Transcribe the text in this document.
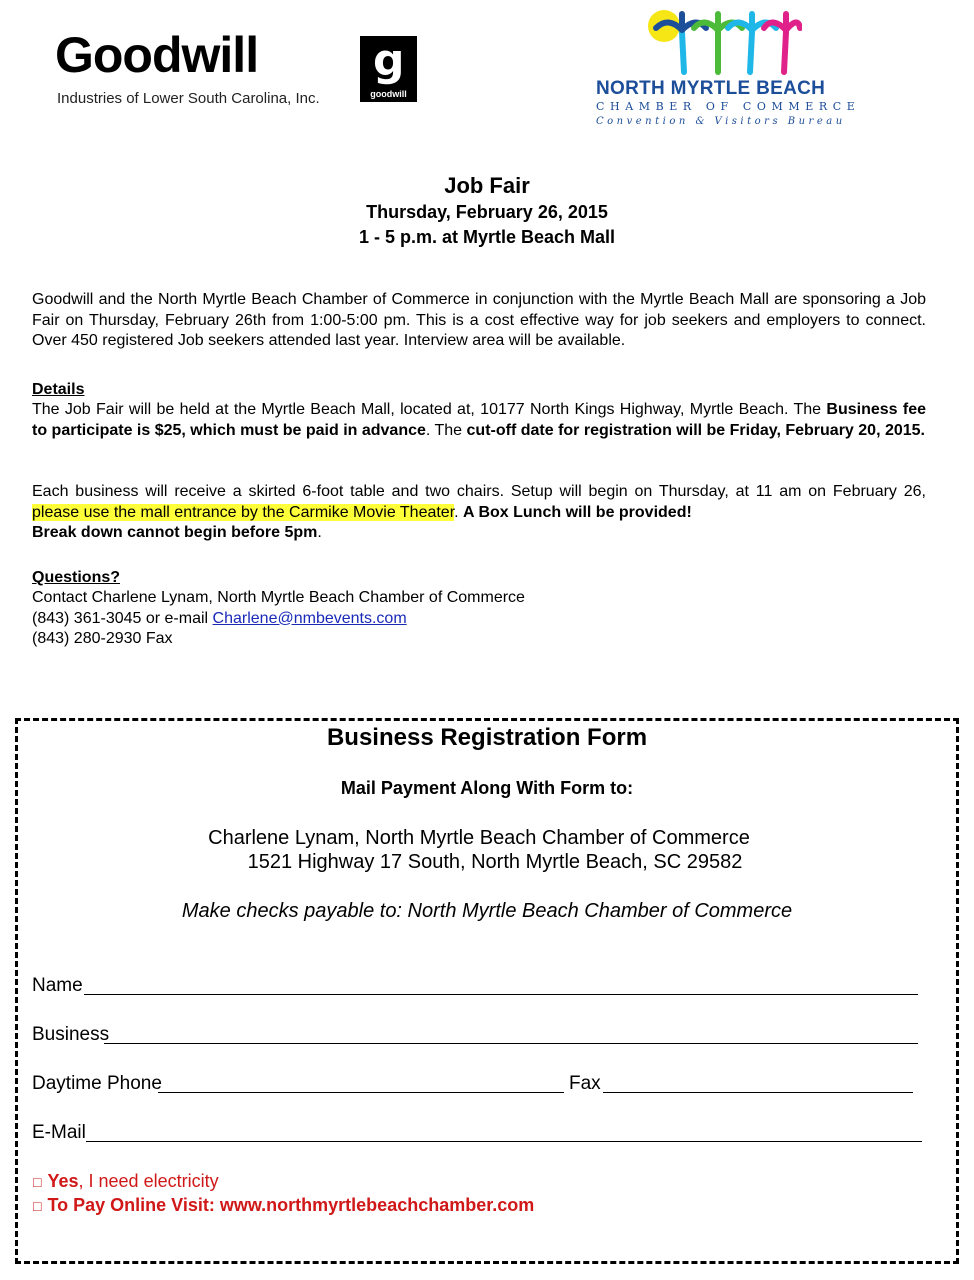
Goodwill
Industries of Lower South Carolina, Inc.
g
goodwill	NORTH MYRTLE BEACH
CHAMBER OF COMMERCE
Convention & Visitors Bureau
Job Fair
Thursday, February 26, 2015
1 - 5 p.m. at Myrtle Beach Mall
Goodwill and the North Myrtle Beach Chamber of Commerce in conjunction with the Myrtle Beach Mall are sponsoring a Job Fair on Thursday, February 26th from 1:00-5:00 pm. This is a cost effective way for job seekers and employers to connect. Over 450 registered Job seekers attended last year. Interview area will be available.
Details
The Job Fair will be held at the Myrtle Beach Mall, located at, 10177 North Kings Highway, Myrtle Beach. The Business fee to participate is $25, which must be paid in advance. The cut-off date for registration will be Friday, February 20, 2015.
Each business will receive a skirted 6-foot table and two chairs. Setup will begin on Thursday, at 11 am on February 26, please use the mall entrance by the Carmike Movie Theater. A Box Lunch will be provided!
Break down cannot begin before 5pm.
Questions?
Contact Charlene Lynam, North Myrtle Beach Chamber of Commerce
(843) 361-3045 or e-mail Charlene@nmbevents.com
(843) 280-2930 Fax
Business Registration Form
Mail Payment Along With Form to:
Charlene Lynam, North Myrtle Beach Chamber of Commerce
1521 Highway 17 South, North Myrtle Beach, SC 29582
Make checks payable to: North Myrtle Beach Chamber of Commerce
Name
Business
Daytime Phone	Fax
E-Mail
□ Yes, I need electricity
□ To Pay Online Visit: www.northmyrtlebeachchamber.com
